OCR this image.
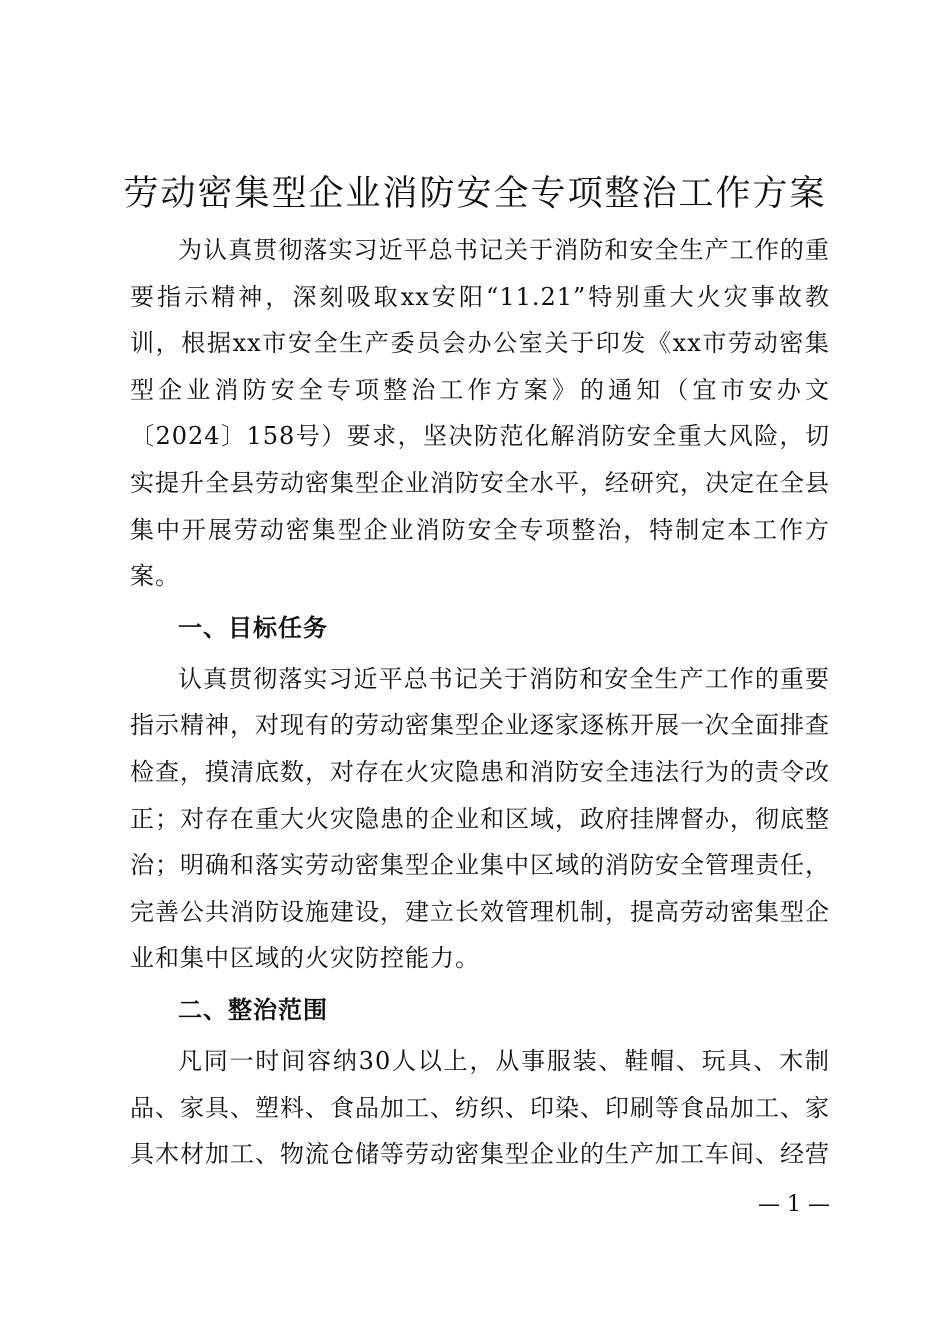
劳动密集型企业消防安全专项整治工作方案

为认真贯彻落实习近平总书记关于消防和安全生产工作的重要指示精神，深刻吸取xx安阳“11.21”特别重大火灾事故教训，根据xx市安全生产委员会办公室关于印发《xx市劳动密集型企业消防安全专项整治工作方案》的通知（宜市安办文〔2024〕158号）要求，坚决防范化解消防安全重大风险，切实提升全县劳动密集型企业消防安全水平，经研究，决定在全县集中开展劳动密集型企业消防安全专项整治，特制定本工作方案。

一、目标任务

认真贯彻落实习近平总书记关于消防和安全生产工作的重要指示精神，对现有的劳动密集型企业逐家逐栋开展一次全面排查检查，摸清底数，对存在火灾隐患和消防安全违法行为的责令改正；对存在重大火灾隐患的企业和区域，政府挂牌督办，彻底整治；明确和落实劳动密集型企业集中区域的消防安全管理责任，完善公共消防设施建设，建立长效管理机制，提高劳动密集型企业和集中区域的火灾防控能力。

二、整治范围

凡同一时间容纳30人以上，从事服装、鞋帽、玩具、木制品、家具、塑料、食品加工、纺织、印染、印刷等食品加工、家具木材加工、物流仓储等劳动密集型企业的生产加工车间、经营

— 1 —
